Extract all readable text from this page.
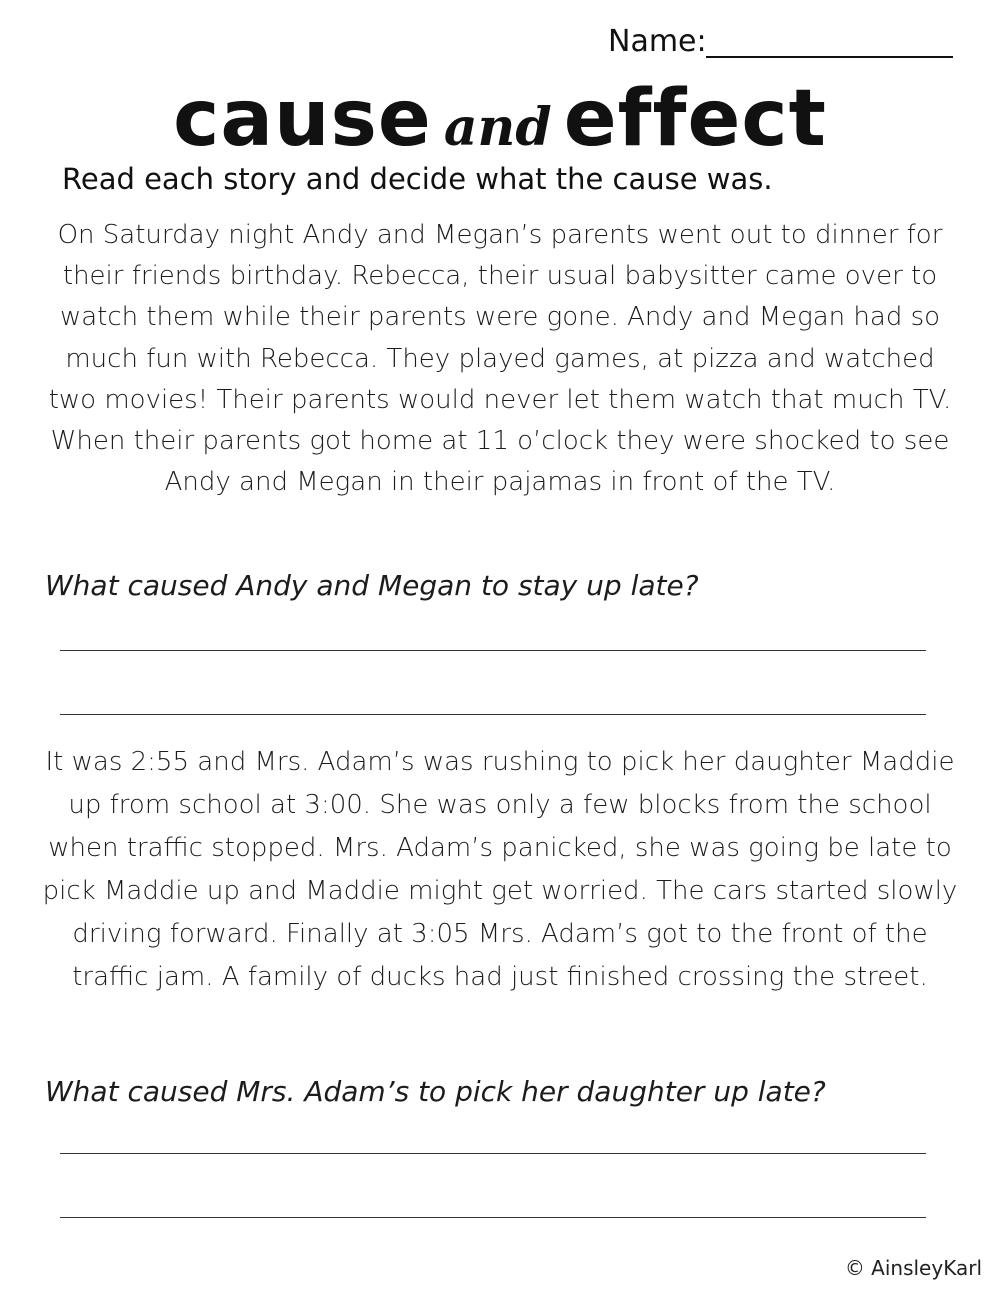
Name:
cause and effect
Read each story and decide what the cause was.
On Saturday night Andy and Megan’s parents went out to dinner for their friends birthday. Rebecca, their usual babysitter came over to watch them while their parents were gone. Andy and Megan had so much fun with Rebecca. They played games, at pizza and watched two movies! Their parents would never let them watch that much TV. When their parents got home at 11 o’clock they were shocked to see Andy and Megan in their pajamas in front of the TV.
What caused Andy and Megan to stay up late?
It was 2:55 and Mrs. Adam’s was rushing to pick her daughter Maddie up from school at 3:00. She was only a few blocks from the school when traffic stopped. Mrs. Adam’s panicked, she was going be late to pick Maddie up and Maddie might get worried. The cars started slowly driving forward. Finally at 3:05 Mrs. Adam’s got to the front of the traffic jam. A family of ducks had just finished crossing the street.
What caused Mrs. Adam’s to pick her daughter up late?
© AinsleyKarl
